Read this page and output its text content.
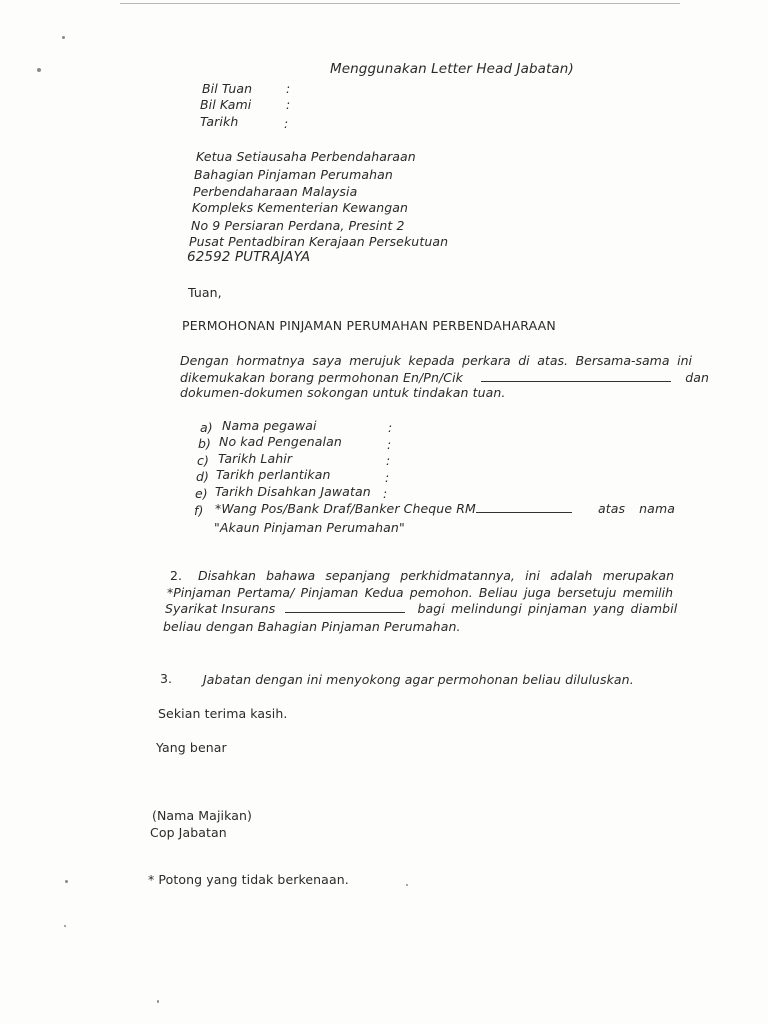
Menggunakan Letter Head Jabatan)
Bil Tuan	:
Bil Kami	:
Tarikh	:
Ketua Setiausaha Perbendaharaan
Bahagian Pinjaman Perumahan
Perbendaharaan Malaysia
Kompleks Kementerian Kewangan
No 9 Persiaran Perdana, Presint 2
Pusat Pentadbiran Kerajaan Persekutuan
62592 PUTRAJAYA
Tuan,
PERMOHONAN PINJAMAN PERUMAHAN PERBENDAHARAAN
Dengan hormatnya saya merujuk kepada perkara di atas. Bersama-sama ini
dikemukakan borang permohonan En/Pn/Cik	dan
dokumen-dokumen sokongan untuk tindakan tuan.
a) Nama pegawai	:
b) No kad Pengenalan	:
c) Tarikh Lahir	:
d) Tarikh perlantikan	:
e) Tarikh Disahkan Jawatan :
f) *Wang Pos/Bank Draf/Banker Cheque RM	atas nama
"Akaun Pinjaman Perumahan"
2. Disahkan bahawa sepanjang perkhidmatannya, ini adalah merupakan
*Pinjaman Pertama/ Pinjaman Kedua pemohon. Beliau juga bersetuju memilih
Syarikat Insurans	bagi melindungi pinjaman yang diambil
beliau dengan Bahagian Pinjaman Perumahan.
3. Jabatan dengan ini menyokong agar permohonan beliau diluluskan.
Sekian terima kasih.
Yang benar
(Nama Majikan)
Cop Jabatan
* Potong yang tidak berkenaan.
